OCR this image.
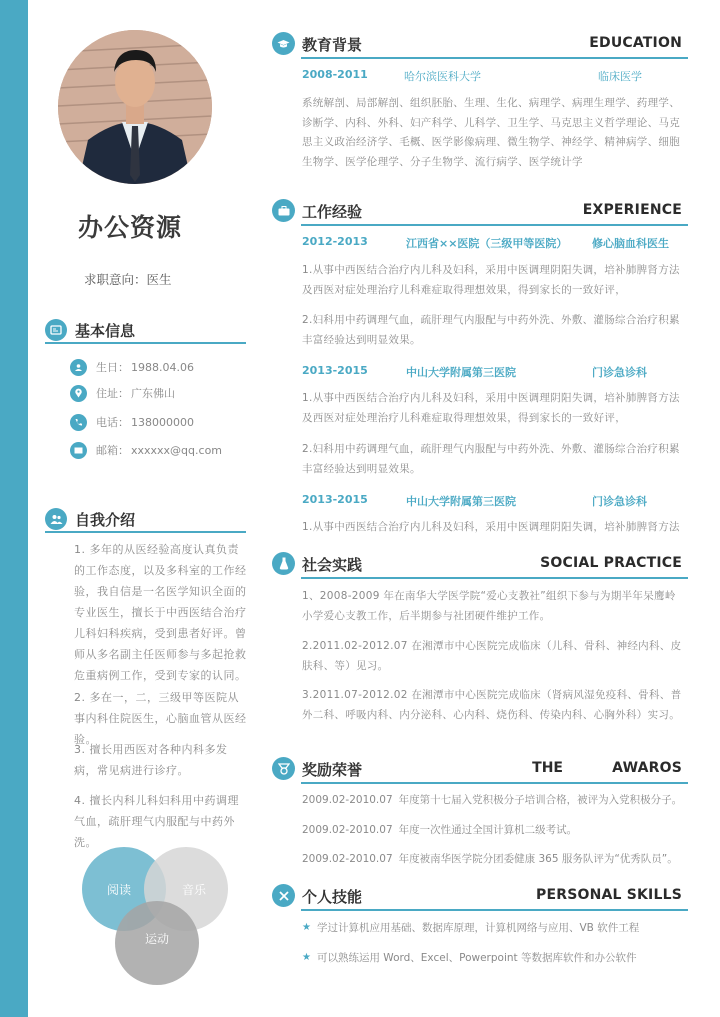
办公资源
求职意向：医生
基本信息
生日： 1988.04.06
住址： 广东佛山
电话： 138000000
邮箱： xxxxxx@qq.com
自我介绍
1. 多年的从医经验高度认真负责的工作态度，以及多科室的工作经验，我自信是一名医学知识全面的专业医生，擅长于中西医结合治疗儿科妇科疾病，受到患者好评。曾师从多名副主任医师参与多起抢救危重病例工作，受到专家的认同。
2. 多在一，二，三级甲等医院从事内科住院医生，心脑血管从医经验。
3. 擅长用西医对各种内科多发病，常见病进行诊疗。
4. 擅长内科儿科妇科用中药调理气血，疏肝理气内服配与中药外洗。
阅读	音乐
运动
教育背景	EDUCATION
2008-2011	哈尔滨医科大学	临床医学
系统解剖、局部解剖、组织胚胎、生理、生化、病理学、病理生理学、药理学、诊断学、内科、外科、妇产科学、儿科学、卫生学、马克思主义哲学理论、马克思主义政治经济学、毛概、医学影像病理、微生物学、神经学、精神病学、细胞生物学、医学伦理学、分子生物学、流行病学、医学统计学
工作经验	EXPERIENCE
2012-2013	江西省××医院（三级甲等医院） 修心脑血科医生
1.从事中西医结合治疗内儿科及妇科，采用中医调理阴阳失调，培补肺脾肾方法及西医对症处理治疗儿科难症取得理想效果，得到家长的一致好评，
2.妇科用中药调理气血，疏肝理气内服配与中药外洗、外敷、灌肠综合治疗积累丰富经验达到明显效果。
2013-2015	中山大学附属第三医院	门诊急诊科
1.从事中西医结合治疗内儿科及妇科，采用中医调理阴阳失调，培补肺脾肾方法及西医对症处理治疗儿科难症取得理想效果，得到家长的一致好评，
2.妇科用中药调理气血，疏肝理气内服配与中药外洗、外敷、灌肠综合治疗积累丰富经验达到明显效果。
2013-2015	中山大学附属第三医院	门诊急诊科
1.从事中西医结合治疗内儿科及妇科，采用中医调理阴阳失调，培补肺脾肾方法
社会实践	SOCIAL PRACTICE
1、2008-2009 年在南华大学医学院“爱心支教社”组织下参与为期半年呆鹰岭小学爱心支教工作，后半期参与社团硬件维护工作。
2.2011.02-2012.07 在湘潭市中心医院完成临床（儿科、骨科、神经内科、皮肤科、等）见习。
3.2011.07-2012.02 在湘潭市中心医院完成临床（肾病风湿免疫科、骨科、普外二科、呼吸内科、内分泌科、心内科、烧伤科、传染内科、心胸外科）实习。
奖励荣誉	THE	AWAROS
2009.02-2010.07 年度第十七届入党积极分子培训合格，被评为入党积极分子。
2009.02-2010.07 年度一次性通过全国计算机二级考试。
2009.02-2010.07 年度被南华医学院分团委健康 365 服务队评为“优秀队员”。
个人技能	PERSONAL SKILLS
★ 学过计算机应用基础、数据库原理，计算机网络与应用、VB 软件工程
★ 可以熟练运用 Word、Excel、Powerpoint 等数据库软件和办公软件
